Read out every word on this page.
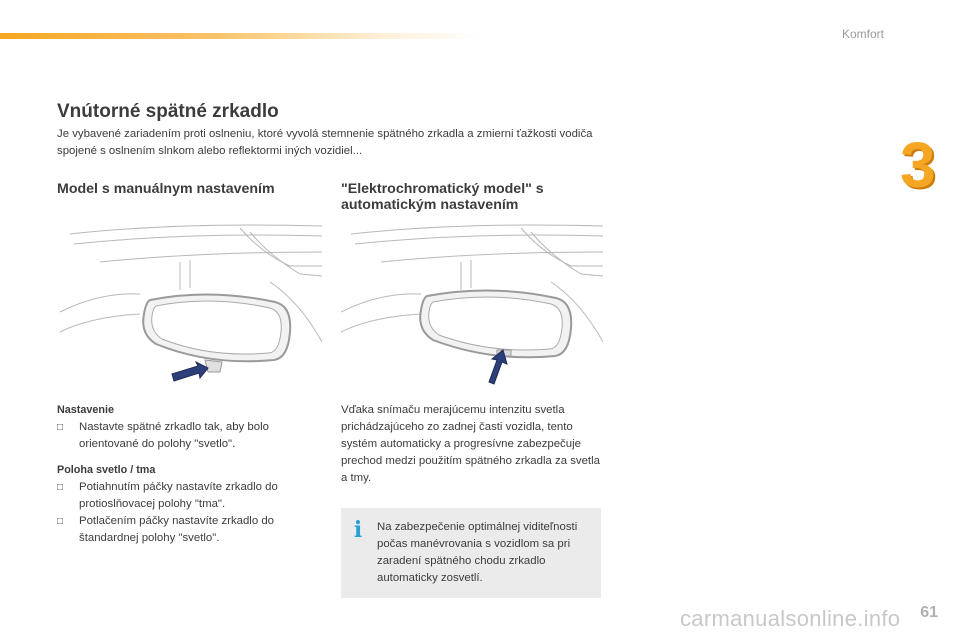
Komfort
3
Vnútorné spätné zrkadlo

Je vybavené zariadením proti oslneniu, ktoré vyvolá stemnenie spätného zrkadla a zmierni ťažkosti vodiča spojené s oslnením slnkom alebo reflektormi iných vozidiel...

Model s manuálnym nastavením	"Elektrochromatický model" s
automatickým nastavením
Nastavenie
□ Nastavte spätné zrkadlo tak, aby bolo orientované do polohy "svetlo".
Poloha svetlo / tma
□ Potiahnutím páčky nastavíte zrkadlo do protioslňovacej polohy "tma".
□ Potlačením páčky nastavíte zrkadlo do štandardnej polohy "svetlo".

Vďaka snímaču merajúcemu intenzitu svetla prichádzajúceho zo zadnej časti vozidla, tento systém automaticky a progresívne zabezpečuje prechod medzi použitím spätného zrkadla za svetla a tmy.

i Na zabezpečenie optimálnej viditeľnosti počas manévrovania s vozidlom sa pri zaradení spätného chodu zrkadlo automaticky zosvetlí.
carmanualsonline.info 61
